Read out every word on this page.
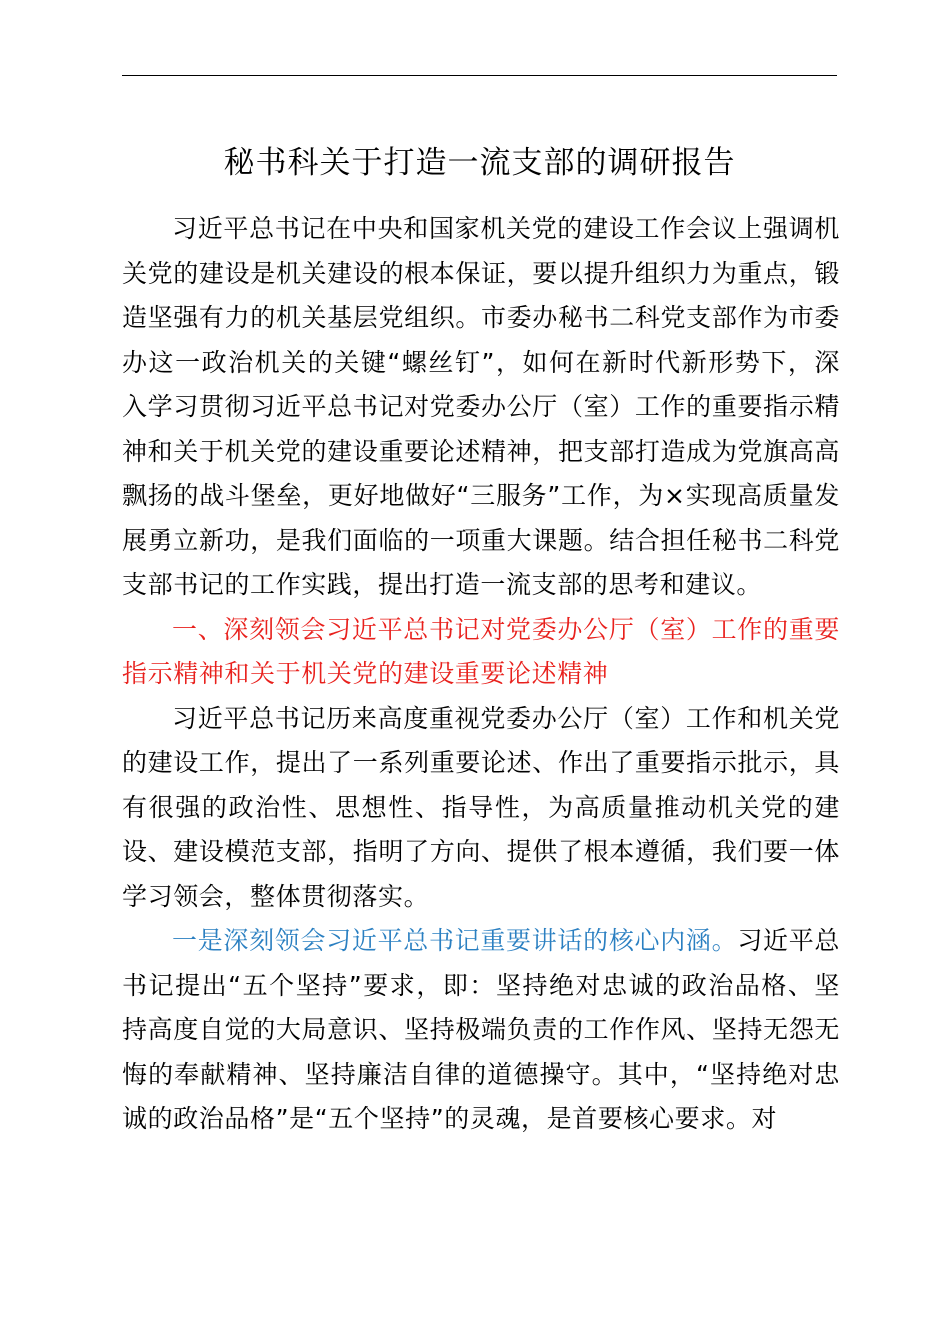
秘书科关于打造一流支部的调研报告

习近平总书记在中央和国家机关党的建设工作会议上强调机关党的建设是机关建设的根本保证，要以提升组织力为重点，锻造坚强有力的机关基层党组织。市委办秘书二科党支部作为市委办这一政治机关的关键“螺丝钉”，如何在新时代新形势下，深入学习贯彻习近平总书记对党委办公厅（室）工作的重要指示精神和关于机关党的建设重要论述精神，把支部打造成为党旗高高飘扬的战斗堡垒，更好地做好“三服务”工作，为×实现高质量发展勇立新功，是我们面临的一项重大课题。结合担任秘书二科党支部书记的工作实践，提出打造一流支部的思考和建议。

一、深刻领会习近平总书记对党委办公厅（室）工作的重要指示精神和关于机关党的建设重要论述精神

习近平总书记历来高度重视党委办公厅（室）工作和机关党的建设工作，提出了一系列重要论述、作出了重要指示批示，具有很强的政治性、思想性、指导性，为高质量推动机关党的建设、建设模范支部，指明了方向、提供了根本遵循，我们要一体学习领会，整体贯彻落实。

一是深刻领会习近平总书记重要讲话的核心内涵。习近平总书记提出“五个坚持”要求，即：坚持绝对忠诚的政治品格、坚持高度自觉的大局意识、坚持极端负责的工作作风、坚持无怨无悔的奉献精神、坚持廉洁自律的道德操守。其中，“坚持绝对忠诚的政治品格”是“五个坚持”的灵魂，是首要核心要求。对
